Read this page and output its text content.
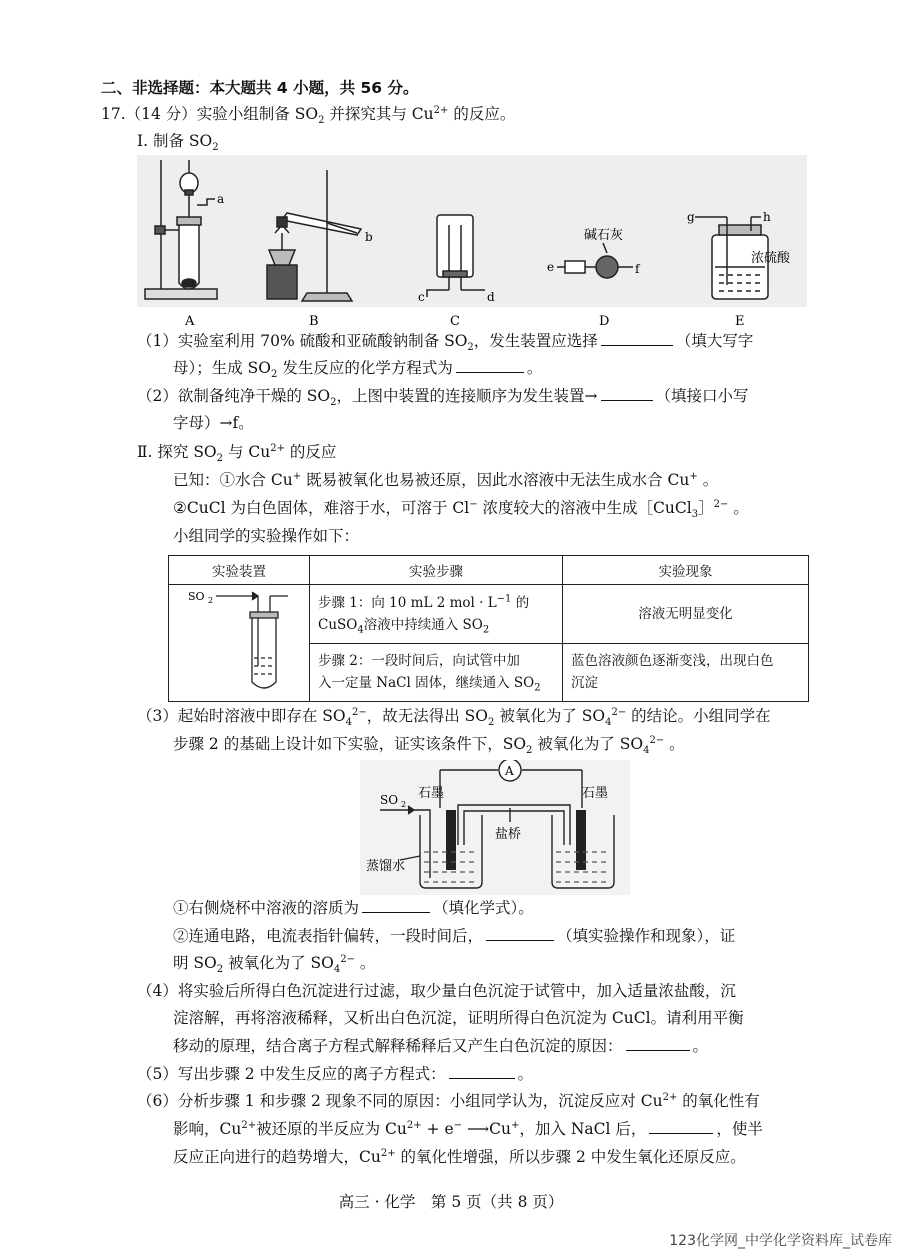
二、非选择题：本大题共 4 小题，共 56 分。
17.（14 分）实验小组制备 $SO_2$ 并探究其与 $Cu^{2+}$ 的反应。
Ⅰ. 制备 $SO_2$
a
A
b
B
c	d
C
碱石灰
e	f
D
g	h
浓硫酸
E
（1）实验室利用 70% 硫酸和亚硫酸钠制备 $SO_2$，发生装置应选择	（填大写字
母）；生成 $SO_2$ 发生反应的化学方程式为	。
（2）欲制备纯净干燥的 $SO_2$，上图中装置的连接顺序为发生装置→	（填接口小写
字母）→f。
Ⅱ. 探究 $SO_2$ 与 $Cu^{2+}$ 的反应
已知：①水合 Cu+ 既易被氧化也易被还原，因此水溶液中无法生成水合 Cu+ 。
②CuCl 为白色固体，难溶于水，可溶于 Cl− 浓度较大的溶液中生成［CuCl$_3$］$^{2-}$ 。
小组同学的实验操作如下：
实验装置	实验步骤	实验现象

SO 2	步骤 1：向 10 mL 2 mol · $L^{-1}$ 的
CuSO$_4$溶液中持续通入 $SO_2$	溶液无明显变化
	步骤 2：一段时间后，向试管中加
入一定量 NaCl 固体，继续通入 $SO_2$	蓝色溶液颜色逐渐变浅，出现白色
沉淀
（3）起始时溶液中即存在 $SO_4^{2-}$，故无法得出 $SO_2$ 被氧化为了 $SO_4^{2-}$ 的结论。小组同学在
步骤 2 的基础上设计如下实验，证实该条件下，$SO_2$ 被氧化为了 $SO_4^{2-}$ 。
A
石墨	石墨
盐桥
SO 2
蒸馏水
①右侧烧杯中溶液的溶质为	（填化学式）。
②连通电路，电流表指针偏转，一段时间后，	（填实验操作和现象），证
明 $SO_2$ 被氧化为了 $SO_4^{2-}$ 。
（4）将实验后所得白色沉淀进行过滤，取少量白色沉淀于试管中，加入适量浓盐酸，沉
淀溶解，再将溶液稀释，又析出白色沉淀，证明所得白色沉淀为 CuCl。请利用平衡
移动的原理，结合离子方程式解释稀释后又产生白色沉淀的原因：	。
（5）写出步骤 2 中发生反应的离子方程式：	。
（6）分析步骤 1 和步骤 2 现象不同的原因：小组同学认为，沉淀反应对 $Cu^{2+}$ 的氧化性有
影响，$Cu^{2+}$被还原的半反应为 $Cu^{2+} + e^-$ ⟶Cu+，加入 NaCl 后，	，使半
反应正向进行的趋势增大，$Cu^{2+}$ 的氧化性增强，所以步骤 2 中发生氧化还原反应。
高三 · 化学　第 5 页（共 8 页）
123化学网_中学化学资料库_试卷库
